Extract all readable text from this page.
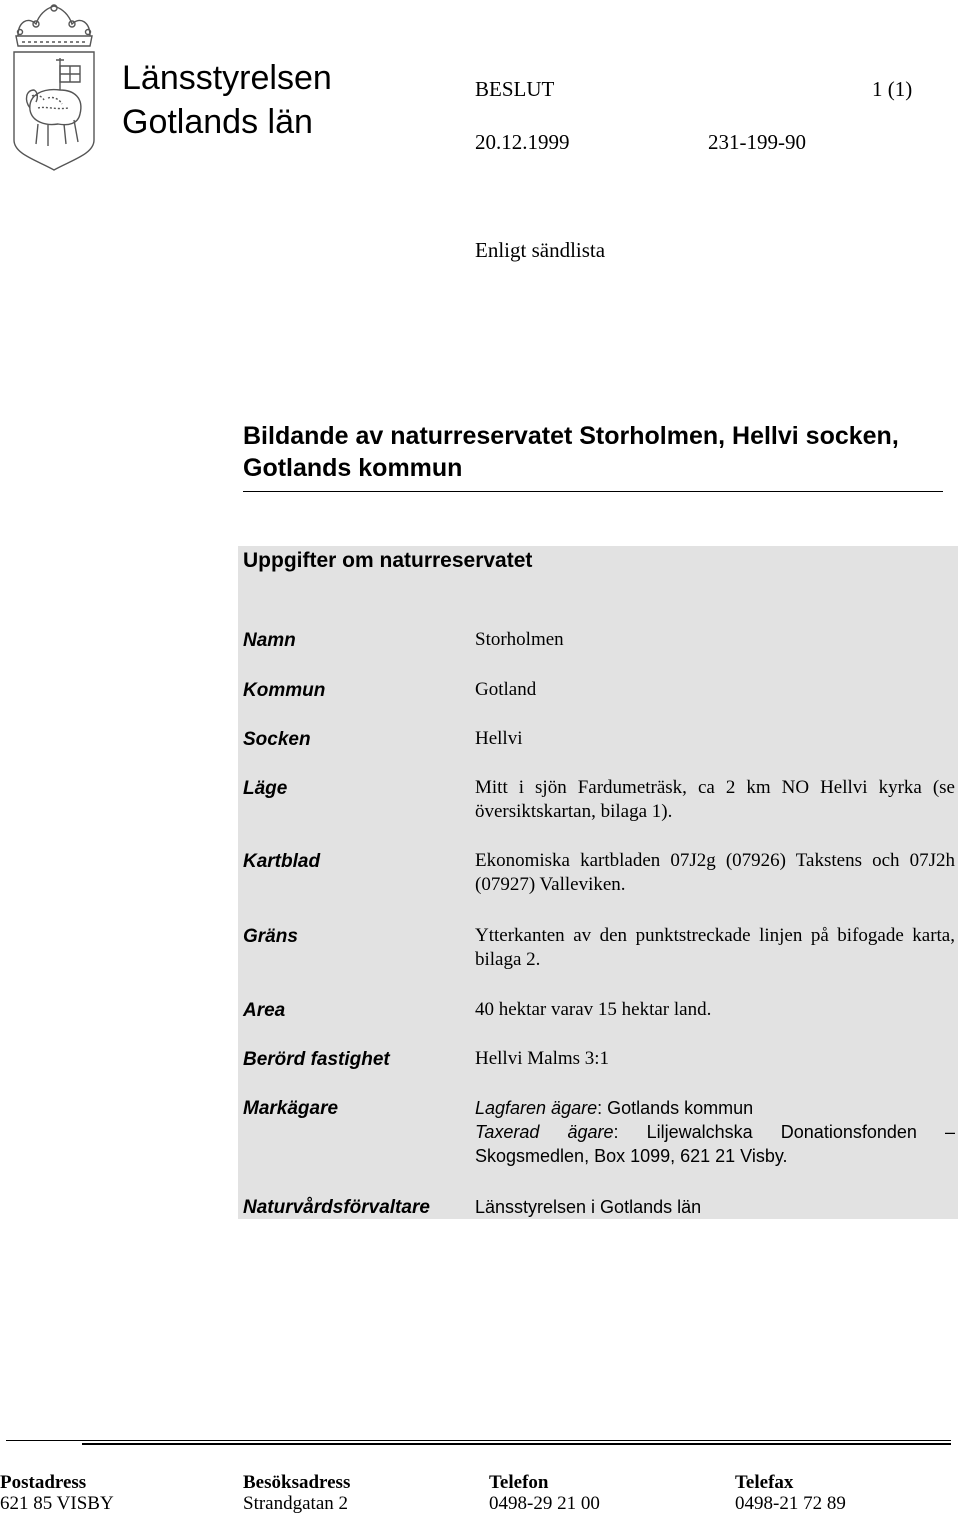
Länsstyrelsen
Gotlands län
BESLUT	1 (1)
20.12.1999	231-199-90
Enligt sändlista
Bildande av naturreservatet Storholmen, Hellvi socken,
Gotlands kommun
Uppgifter om naturreservatet
Namn	Storholmen
Kommun	Gotland
Socken	Hellvi
Läge	Mitt i sjön Fardumeträsk, ca 2 km NO Hellvi kyrka (se översiktskartan, bilaga 1).
Kartblad	Ekonomiska kartbladen 07J2g (07926) Takstens och 07J2h (07927) Valleviken.
Gräns	Ytterkanten av den punktstreckade linjen på bifogade karta, bilaga 2.
Area	40 hektar varav 15 hektar land.
Berörd fastighet	Hellvi Malms 3:1
Markägare	Lagfaren ägare: Gotlands kommun
Taxerad ägare: Liljewalchska Donationsfonden – Skogsmedlen, Box 1099, 621 21 Visby.
Naturvårdsförvaltare	Länsstyrelsen i Gotlands län
Postadress
621 85 VISBY
Besöksadress
Strandgatan 2
Telefon
0498-29 21 00
Telefax
0498-21 72 89
